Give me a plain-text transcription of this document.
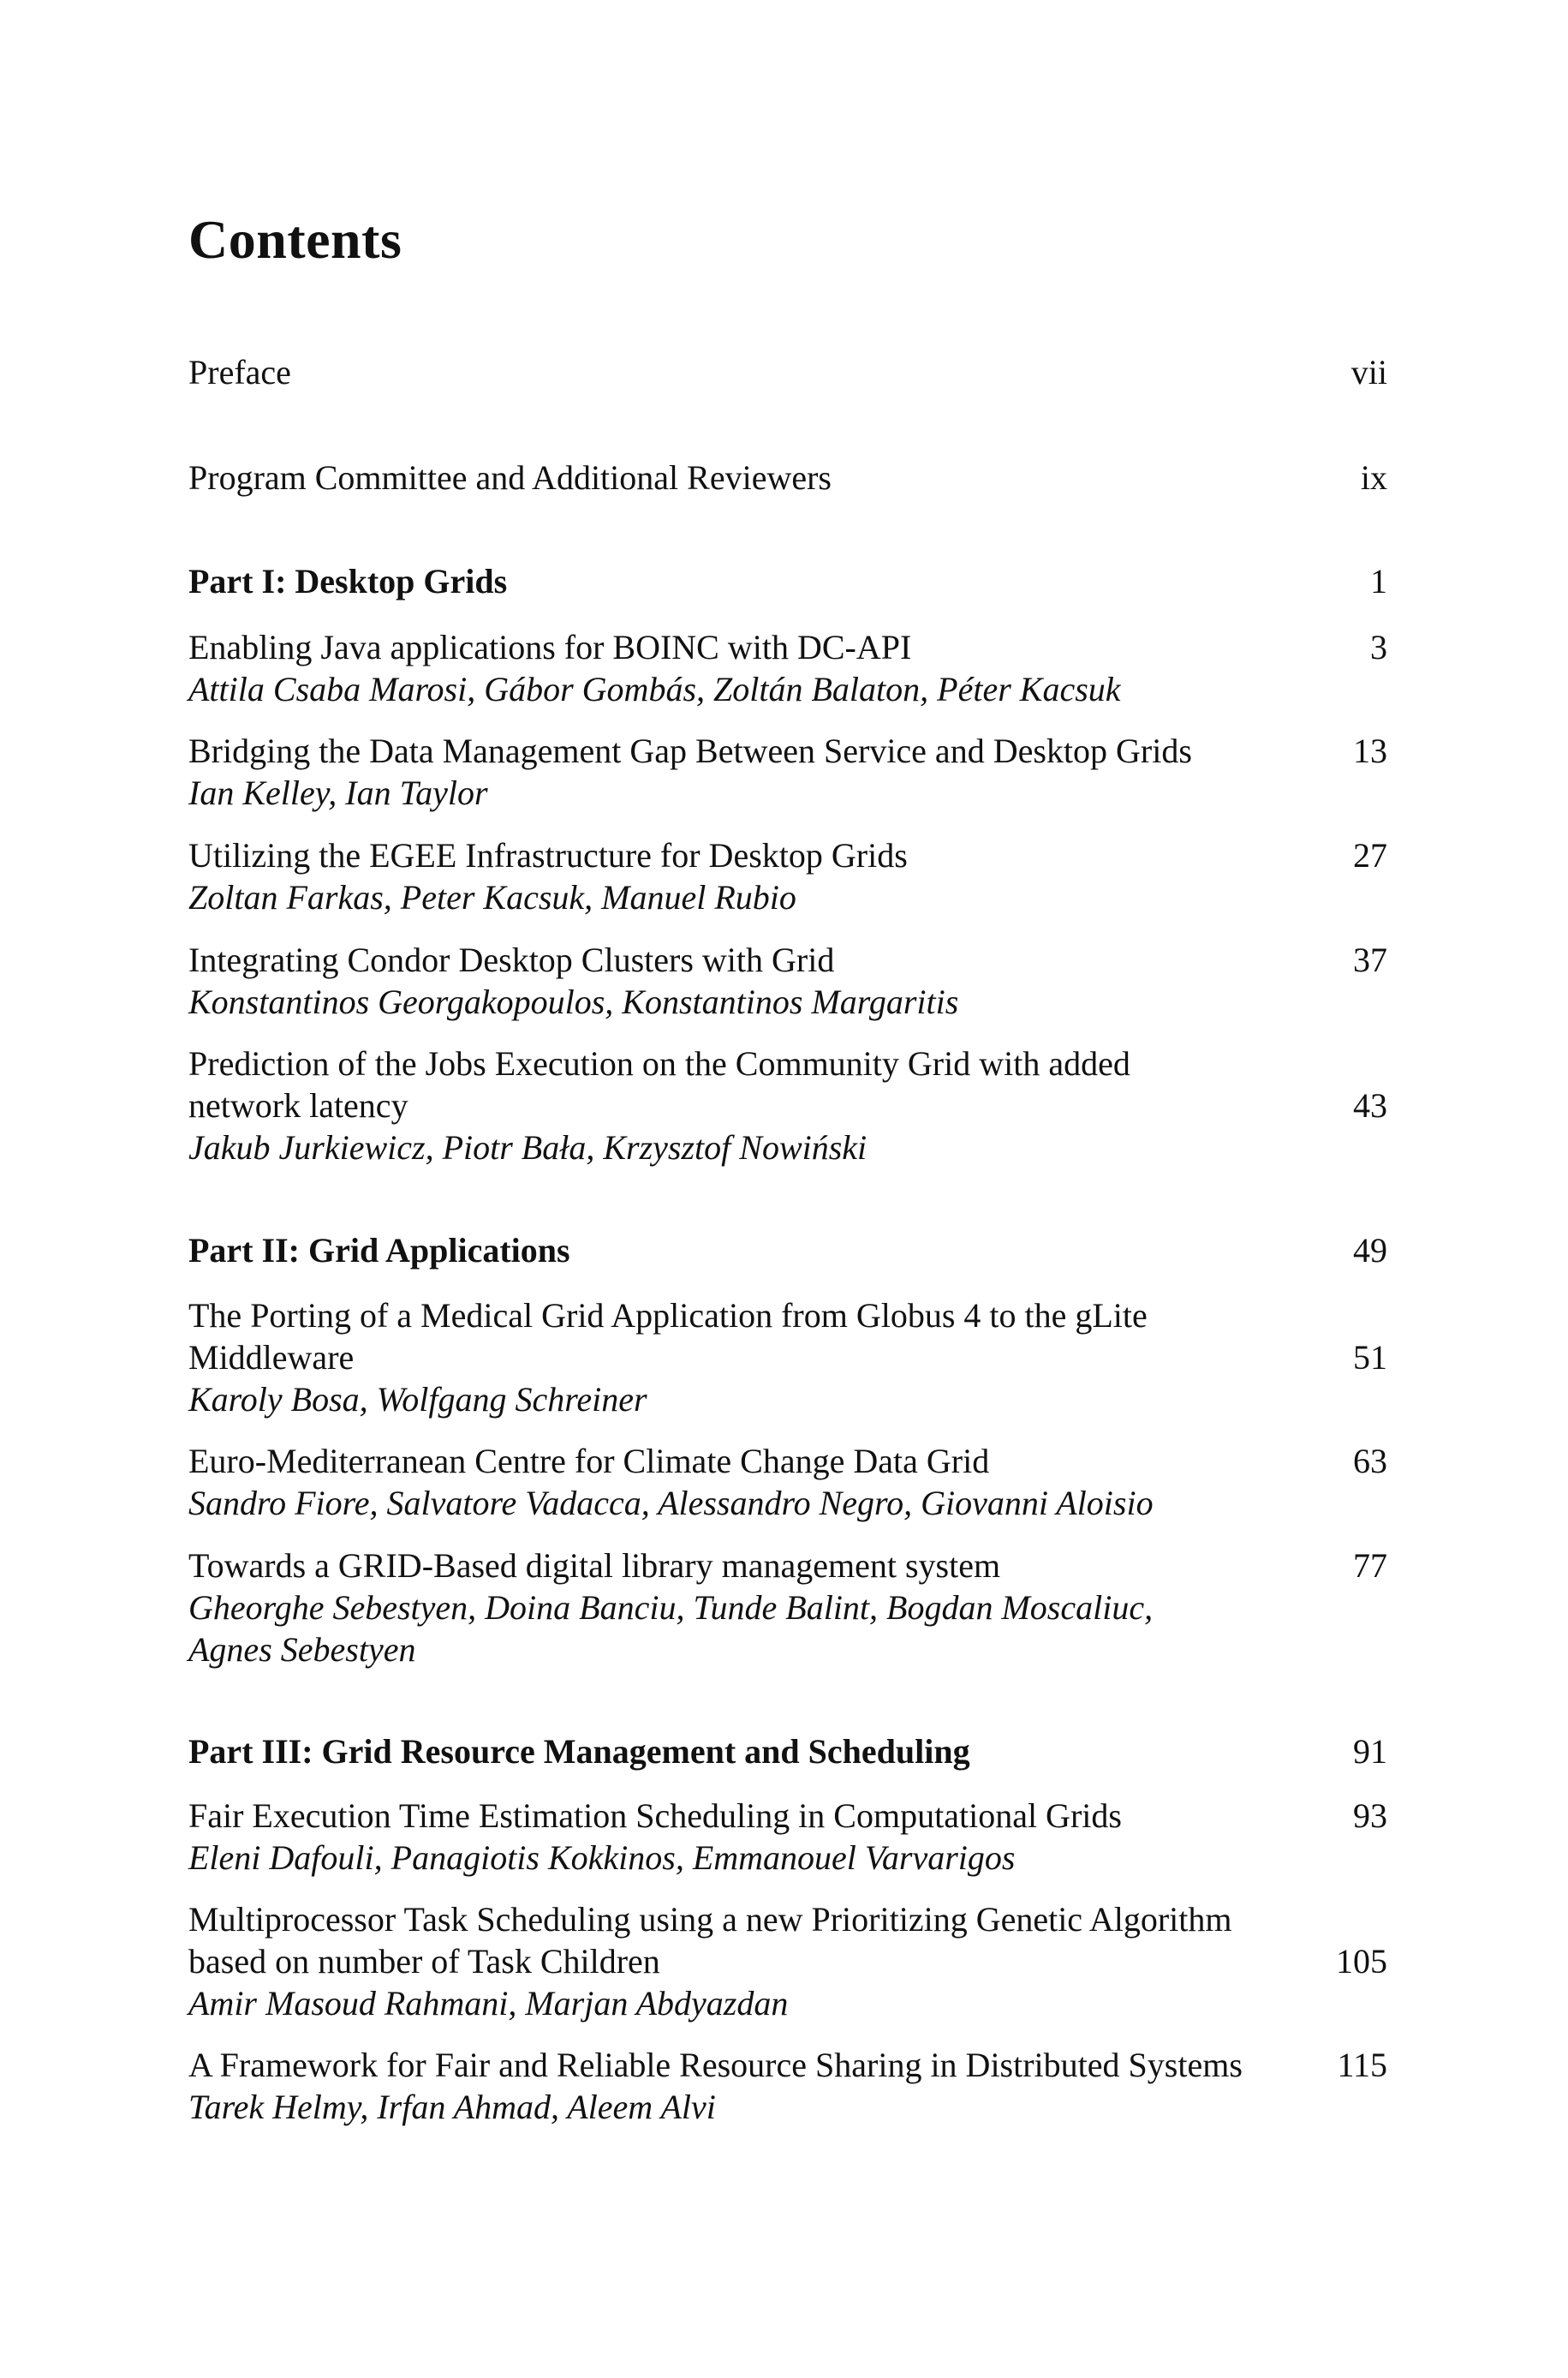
Contents
Preface	vii
Program Committee and Additional Reviewers	ix
Part I: Desktop Grids	1
Enabling Java applications for BOINC with DC-API	3
Attila Csaba Marosi, Gábor Gombás, Zoltán Balaton, Péter Kacsuk
Bridging the Data Management Gap Between Service and Desktop Grids	13
Ian Kelley, Ian Taylor
Utilizing the EGEE Infrastructure for Desktop Grids	27
Zoltan Farkas, Peter Kacsuk, Manuel Rubio
Integrating Condor Desktop Clusters with Grid	37
Konstantinos Georgakopoulos, Konstantinos Margaritis
Prediction of the Jobs Execution on the Community Grid with added
network latency	43
Jakub Jurkiewicz, Piotr Bała, Krzysztof Nowiński
Part II: Grid Applications	49
The Porting of a Medical Grid Application from Globus 4 to the gLite
Middleware	51
Karoly Bosa, Wolfgang Schreiner
Euro-Mediterranean Centre for Climate Change Data Grid	63
Sandro Fiore, Salvatore Vadacca, Alessandro Negro, Giovanni Aloisio
Towards a GRID-Based digital library management system	77
Gheorghe Sebestyen, Doina Banciu, Tunde Balint, Bogdan Moscaliuc,
Agnes Sebestyen
Part III: Grid Resource Management and Scheduling	91
Fair Execution Time Estimation Scheduling in Computational Grids	93
Eleni Dafouli, Panagiotis Kokkinos, Emmanouel Varvarigos
Multiprocessor Task Scheduling using a new Prioritizing Genetic Algorithm
based on number of Task Children	105
Amir Masoud Rahmani, Marjan Abdyazdan
A Framework for Fair and Reliable Resource Sharing in Distributed Systems	115
Tarek Helmy, Irfan Ahmad, Aleem Alvi
